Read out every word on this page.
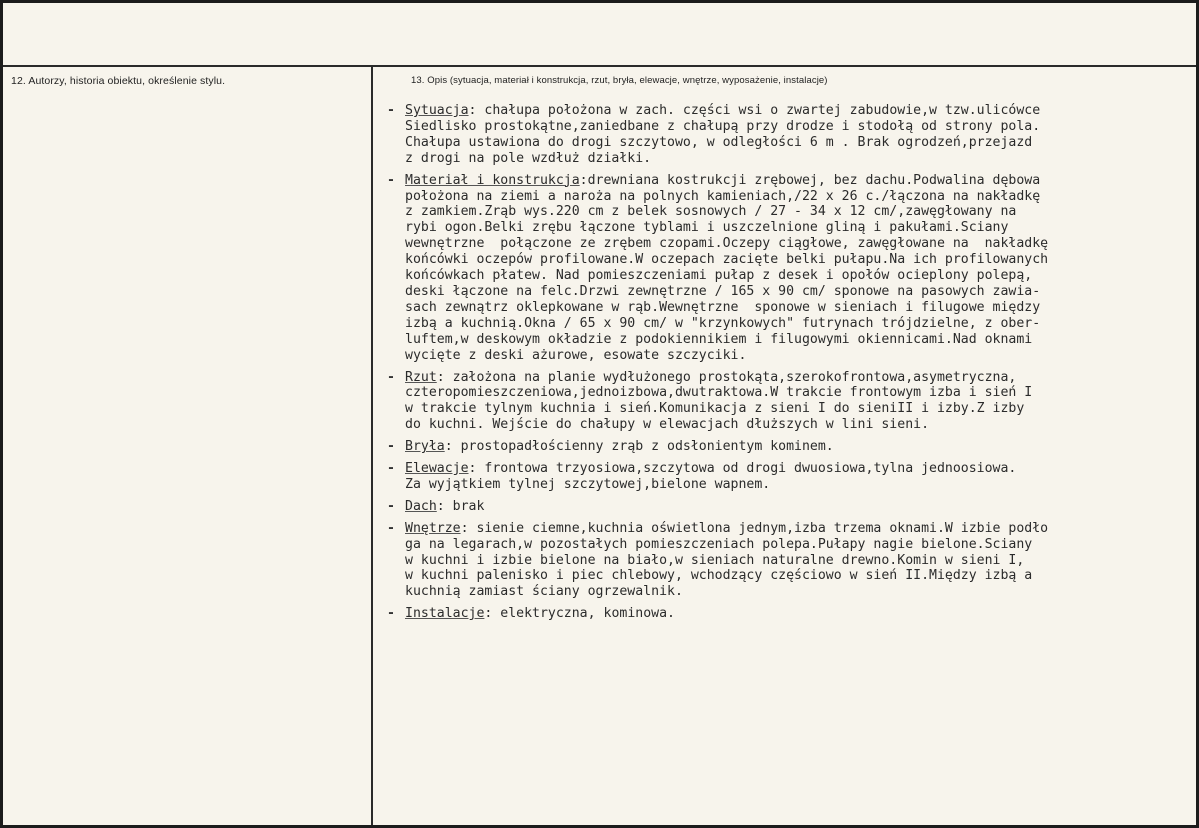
12. Autorzy, historia obiektu, określenie stylu.	13. Opis (sytuacja, materiał i konstrukcja, rzut, bryła, elewacje, wnętrze, wyposażenie, instalacje)
- Sytuacja: chałupa położona w zach. części wsi o zwartej zabudowie,w tzw.ulicówce
Siedlisko prostokątne,zaniedbane z chałupą przy drodze i stodołą od strony pola.
Chałupa ustawiona do drogi szczytowo, w odległości 6 m . Brak ogrodzeń,przejazd
z drogi na pole wzdłuż działki.
- Materiał i konstrukcja:drewniana kostrukcji zrębowej, bez dachu.Podwalina dębowa
położona na ziemi a naroża na polnych kamieniach,/22 x 26 c./łączona na nakładkę
z zamkiem.Zrąb wys.220 cm z belek sosnowych / 27 - 34 x 12 cm/,zawęgłowany na
rybi ogon.Belki zrębu łączone tyblami i uszczelnione gliną i pakułami.Ściany
wewnętrzne  połączone ze zrębem czopami.Oczepy ciągłowe, zawęgłowane na  nakładkę
końcówki oczepów profilowane.W oczepach zacięte belki pułapu.Na ich profilowanych
końcówkach płatew. Nad pomieszczeniami pułap z desek i opołów ocieplony polepą,
deski łączone na felc.Drzwi zewnętrzne / 165 x 90 cm/ sponowe na pasowych zawia-
sach zewnątrz oklepkowane w rąb.Wewnętrzne  sponowe w sieniach i filugowe między
izbą a kuchnią.Okna / 65 x 90 cm/ w "krzynkowych" futrynach trójdzielne, z ober-
luftem,w deskowym okładzie z podokiennikiem i filugowymi okiennicami.Nad oknami
wycięte z deski ażurowe, esowate szczyciki.
- Rzut: założona na planie wydłużonego prostokąta,szerokofrontowa,asymetryczna,
czteropomieszczeniowa,jednoizbowa,dwutraktowa.W trakcie frontowym izba i sień I
w trakcie tylnym kuchnia i sień.Komunikacja z sieni I do sieniII i izby.Z izby
do kuchni. Wejście do chałupy w elewacjach dłuższych w lini sieni.
- Bryła: prostopadłościenny zrąb z odsłonientym kominem.
- Elewacje: frontowa trzyosiowa,szczytowa od drogi dwuosiowa,tylna jednoosiowa.
Za wyjątkiem tylnej szczytowej,bielone wapnem.
- Dach: brak
- Wnętrze: sienie ciemne,kuchnia oświetlona jednym,izba trzema oknami.W izbie podło
ga na legarach,w pozostałych pomieszczeniach polepa.Pułapy nagie bielone.Ściany
w kuchni i izbie bielone na biało,w sieniach naturalne drewno.Komin w sieni I,
w kuchni palenisko i piec chlebowy, wchodzący częściowo w sień II.Między izbą a
kuchnią zamiast ściany ogrzewalnik.
- Instalacje: elektryczna, kominowa.
